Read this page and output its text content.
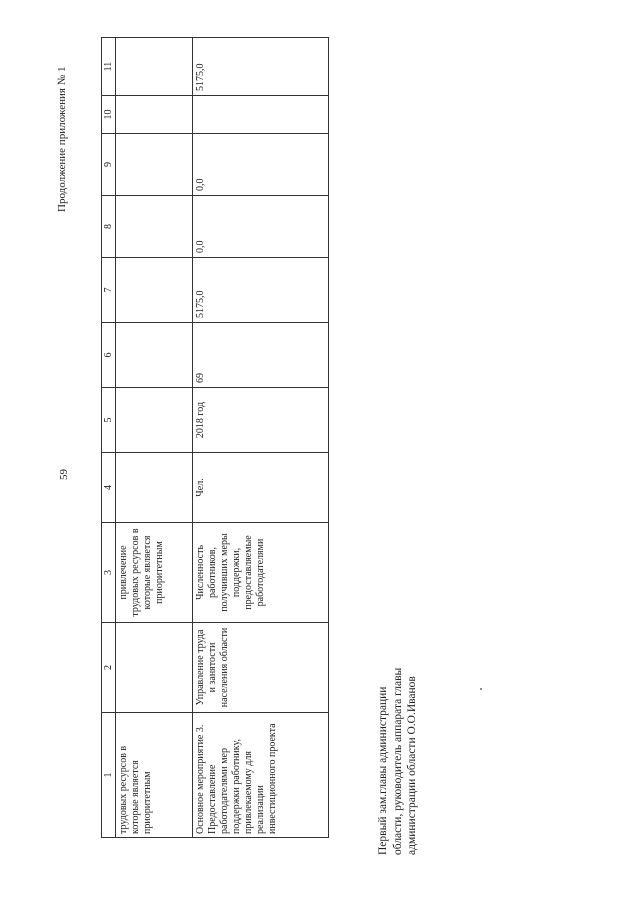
Продолжение приложения № 1
59
1	2	3	4	5	6	7	8	9	10	11
трудовых ресурсов в которые является приоритетным		привлечение трудовых ресурсов в которые является приоритетным								
Основное мероприятие 3. Предоставление работодателями мер поддержки работнику, привлекаемому для реализации инвестиционного проекта	Управление труда и занятости населения области	Численность работников, получивших меры поддержки, предоставляемые работодателями	Чел.	2018 год	69	5175,0	0,0	0,0		5175,0
Первый зам.главы администрации области, руководитель аппарата главы администрации области О.О.Иванов
